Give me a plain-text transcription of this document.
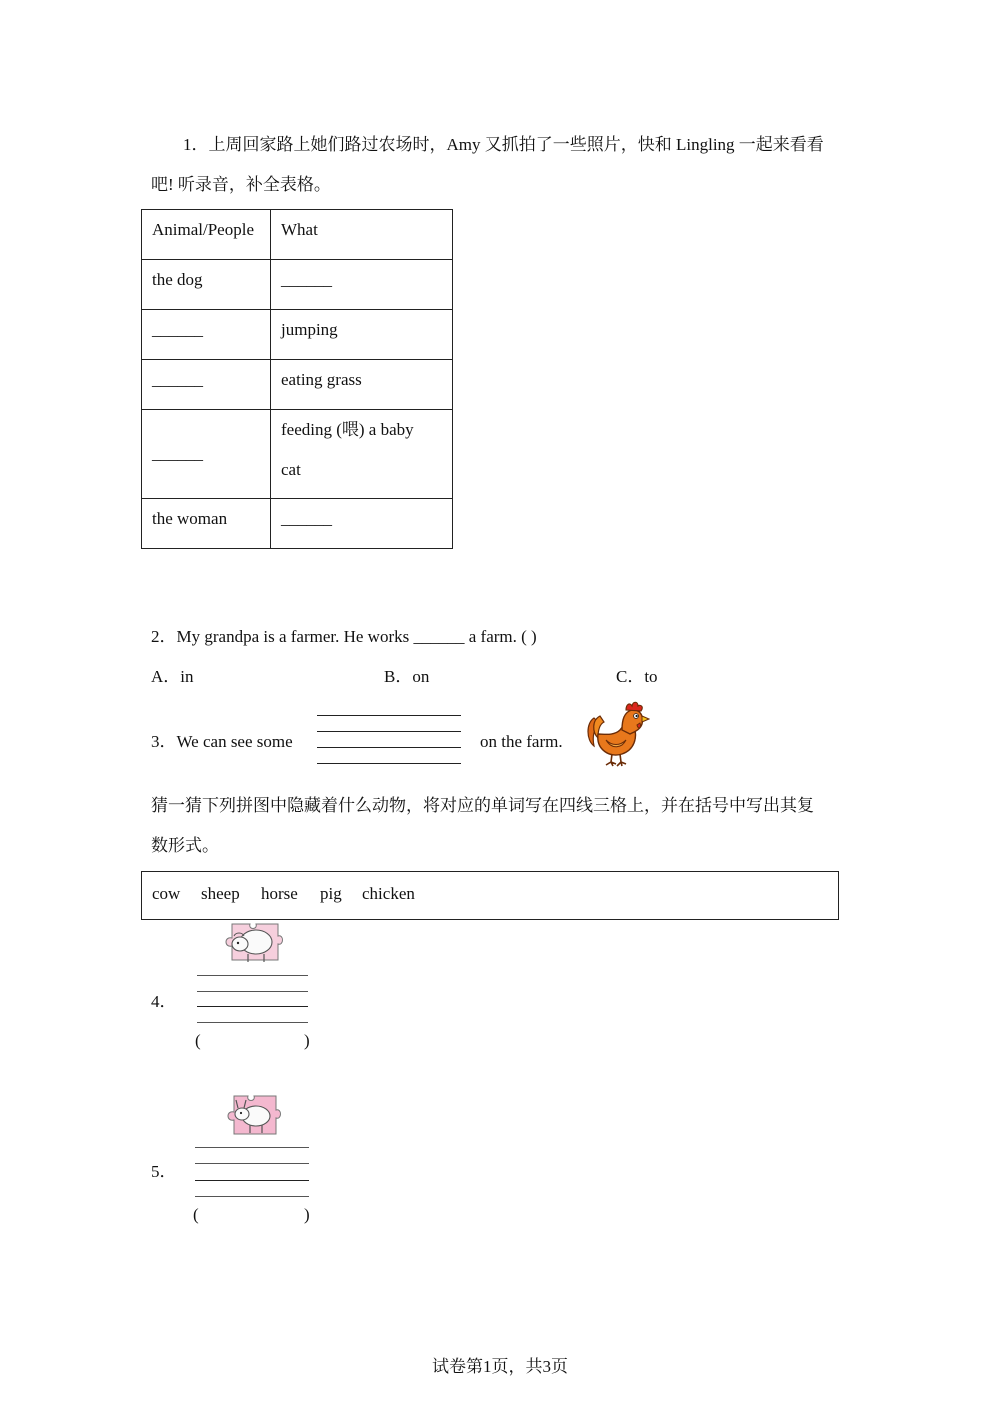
1．上周回家路上她们路过农场时，Amy 又抓拍了一些照片，快和 Lingling 一起来看看
吧! 听录音，补全表格。
Animal/People	What

the dog	______

______	jumping

______	eating grass

______	feeding (喂) a baby
cat

the woman	______
2．My grandpa is a farmer. He works ______ a farm. ( )
A．in	B．on	C．to
3．We can see some	on the farm.
猜一猜下列拼图中隐藏着什么动物，将对应的单词写在四线三格上，并在括号中写出其复
数形式。
cow sheep horse pig chicken
4．
(	)
5．
(	)
试卷第1页，共3页
